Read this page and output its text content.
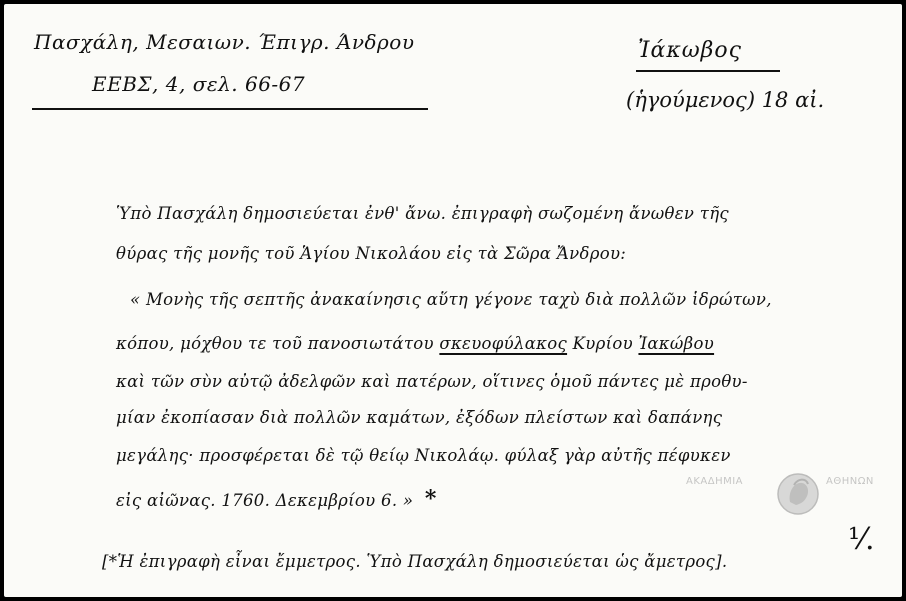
Πασχάλη, Μεσαιων. Έπιγρ. Άνδρου
ΕΕΒΣ, 4, σελ. 66-67
Ἰάκωβος
(ἡγούμενος) 18 αἰ.
Ὑπὸ Πασχάλη δημοσιεύεται ἐνθ' ἄνω. ἐπιγραφὴ σωζομένη ἄνωθεν τῆς
θύρας τῆς μονῆς τοῦ Ἁγίου Νικολάου εἰς τὰ Σῶρα Ἄνδρου:
« Μονὴς τῆς σεπτῆς ἀνακαίνησις αὕτη γέγονε ταχὺ διὰ πολλῶν ἱδρώτων,
κόπου, μόχθου τε τοῦ πανοσιωτάτου σκευοφύλακος Κυρίου Ἰακώβου
καὶ τῶν σὺν αὐτῷ ἀδελφῶν καὶ πατέρων, οἵτινες ὁμοῦ πάντες μὲ προθυ-
μίαν ἐκοπίασαν διὰ πολλῶν καμάτων, ἐξόδων πλείστων καὶ δαπάνης
μεγάλης· προσφέρεται δὲ τῷ θείῳ Νικολάῳ. φύλαξ γὰρ αὐτῆς πέφυκεν
εἰς αἰῶνας. 1760. Δεκεμβρίου 6. » *
[*Ἡ ἐπιγραφὴ εἶναι ἔμμετρος. Ὑπὸ Πασχάλη δημοσιεύεται ὡς ἄμετρος].
⅟.
ΑΚΑΔΗΜΙΑ	ΑΘΗΝΩΝ
